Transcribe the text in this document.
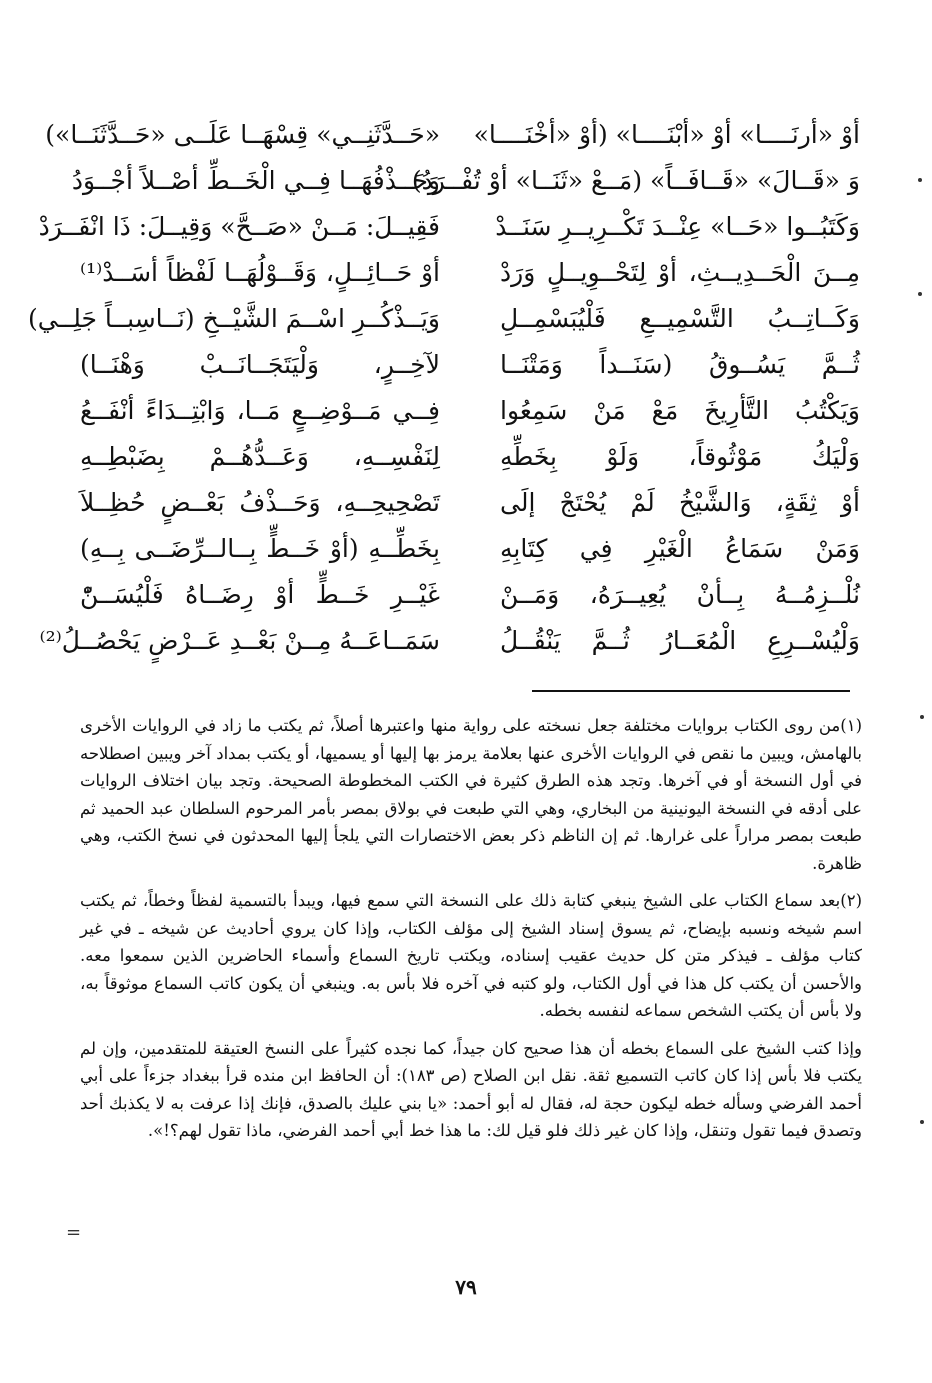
أوْ «أرنَــــا» أوْ «أبْنَــــا» (أوْ «أخْنَــــا»
وَ «قَــالَ» «قَــافَــاً» (مَــعْ «ثَنَــا» أوْ تُفْــرَدُ)
وَكَتَبُــوا «حَــا» عِنْــدَ تَكْــرِيــرِ سَنَــدْ
مِــنَ الْحَــدِيــثِ، أوْ لِتَحْــوِيــلٍ وَرَدْ
وَكَــاتِــبُ التَّسْمِيــعِ فَلْيُبَسْمِــلِ
ثُــمَّ يَسُــوقُ (سَنَــداً وَمَتْنَــا
وَيَكْتُبُ التَّأرِيخَ مَعْ مَنْ سَمِعُوا
وَلْيَكُ مَوْثُوقاً، وَلَوْ بِخَطِّهِ
أوْ ثِقَةٍ، وَالشَّيْخُ لَمْ يُحْتَجْ إلَى
وَمَنْ سَمَاعُ الْغَيْرِ فِي كِتَابِهِ
نُلْــزِمُــهُ بِــأنْ يُعِيــرَهُ، وَمَــنْ
وَلْيُسْــرِعِ الْمُعَــارُ ثُــمَّ يَنْقُــلُ
«حَــدَّثَنِــي» قِسْهَــا عَلَــى «حَــدَّثَنَــا»)
وَحَــذْفُهَــا فِــي الْخَــطِّ أصْــلاً أجْــوَدُ
فَقِيــلَ: مَــنْ «صَــحَّ» وَقِيــلَ: ذَا انْفَــرَدْ
أوْ حَــائِــلٍ، وَقَــوْلُهَــا لَفْظاً أسَــدْ⁽¹⁾
وَيَــذْكُــرِ اسْــمَ الشَّيْــخِ (نَــاسِبــاً جَلِــي)
لآخِــرٍ، وَلْيَتَجَــانَــبْ وَهْنَــا)
فِــي مَــوْضِــعٍ مَــا، وَابْتِــدَاءً أنْفَــعُ
لِنَفْسِــهِ، وَعَــدُّهُــمْ بِضَبْطِــهِ
تَصْحِيحِــهِ، وَحَــذْفُ بَعْــضٍ حُظِــلاَ
بِخَطِّــهِ (أوْ خَــطٍّ بِــالــرِّضَــى بِــهِ)
غَيْــرِ خَــطٍّ أوْ رِضَــاهُ فَلْيُسَــنّْ
سَمَــاعَــهُ مِــنْ بَعْــدِ عَــرْضٍ يَحْصُــلُ⁽²⁾

(١)من روى الكتاب بروايات مختلفة جعل نسخته على رواية منها واعتبرها أصلاً، ثم يكتب ما زاد في الروايات الأخرى بالهامش، ويبين ما نقص في الروايات الأخرى عنها بعلامة يرمز بها إليها أو يسميها، أو يكتب بمداد آخر ويبين اصطلاحه في أول النسخة أو في آخرها. وتجد هذه الطرق كثيرة في الكتب المخطوطة الصحيحة. وتجد بيان اختلاف الروايات على أدقه في النسخة اليونينية من البخاري، وهي التي طبعت في بولاق بمصر بأمر المرحوم السلطان عبد الحميد ثم طبعت بمصر مراراً على غرارها. ثم إن الناظم ذكر بعض الاختصارات التي يلجأ إليها المحدثون في نسخ الكتب، وهي ظاهرة.

(٢)بعد سماع الكتاب على الشيخ ينبغي كتابة ذلك على النسخة التي سمع فيها، ويبدأ بالتسمية لفظاً وخطاً، ثم يكتب اسم شيخه ونسبه بإيضاح، ثم يسوق إسناد الشيخ إلى مؤلف الكتاب، وإذا كان يروي أحاديث عن شيخه ـ في غير كتاب مؤلف ـ فيذكر متن كل حديث عقيب إسناده، ويكتب تاريخ السماع وأسماء الحاضرين الذين سمعوا معه. والأحسن أن يكتب كل هذا في أول الكتاب، ولو كتبه في آخره فلا بأس به. وينبغي أن يكون كاتب السماع موثوقاً به، ولا بأس أن يكتب الشخص سماعه لنفسه بخطه.

وإذا كتب الشيخ على السماع بخطه أن هذا صحيح كان جيداً، كما نجده كثيراً على النسخ العتيقة للمتقدمين، وإن لم يكتب فلا بأس إذا كان كاتب التسميع ثقة. نقل ابن الصلاح (ص ١٨٣): أن الحافظ ابن منده قرأ ببغداد جزءاً على أبي أحمد الفرضي وسأله خطه ليكون حجة له، فقال له أبو أحمد: «يا بني عليك بالصدق، فإنك إذا عرفت به لا يكذبك أحد وتصدق فيما تقول وتنقل، وإذا كان غير ذلك فلو قيل لك: ما هذا خط أبي أحمد الفرضي، ماذا تقول لهم؟!».

=
٧٩
